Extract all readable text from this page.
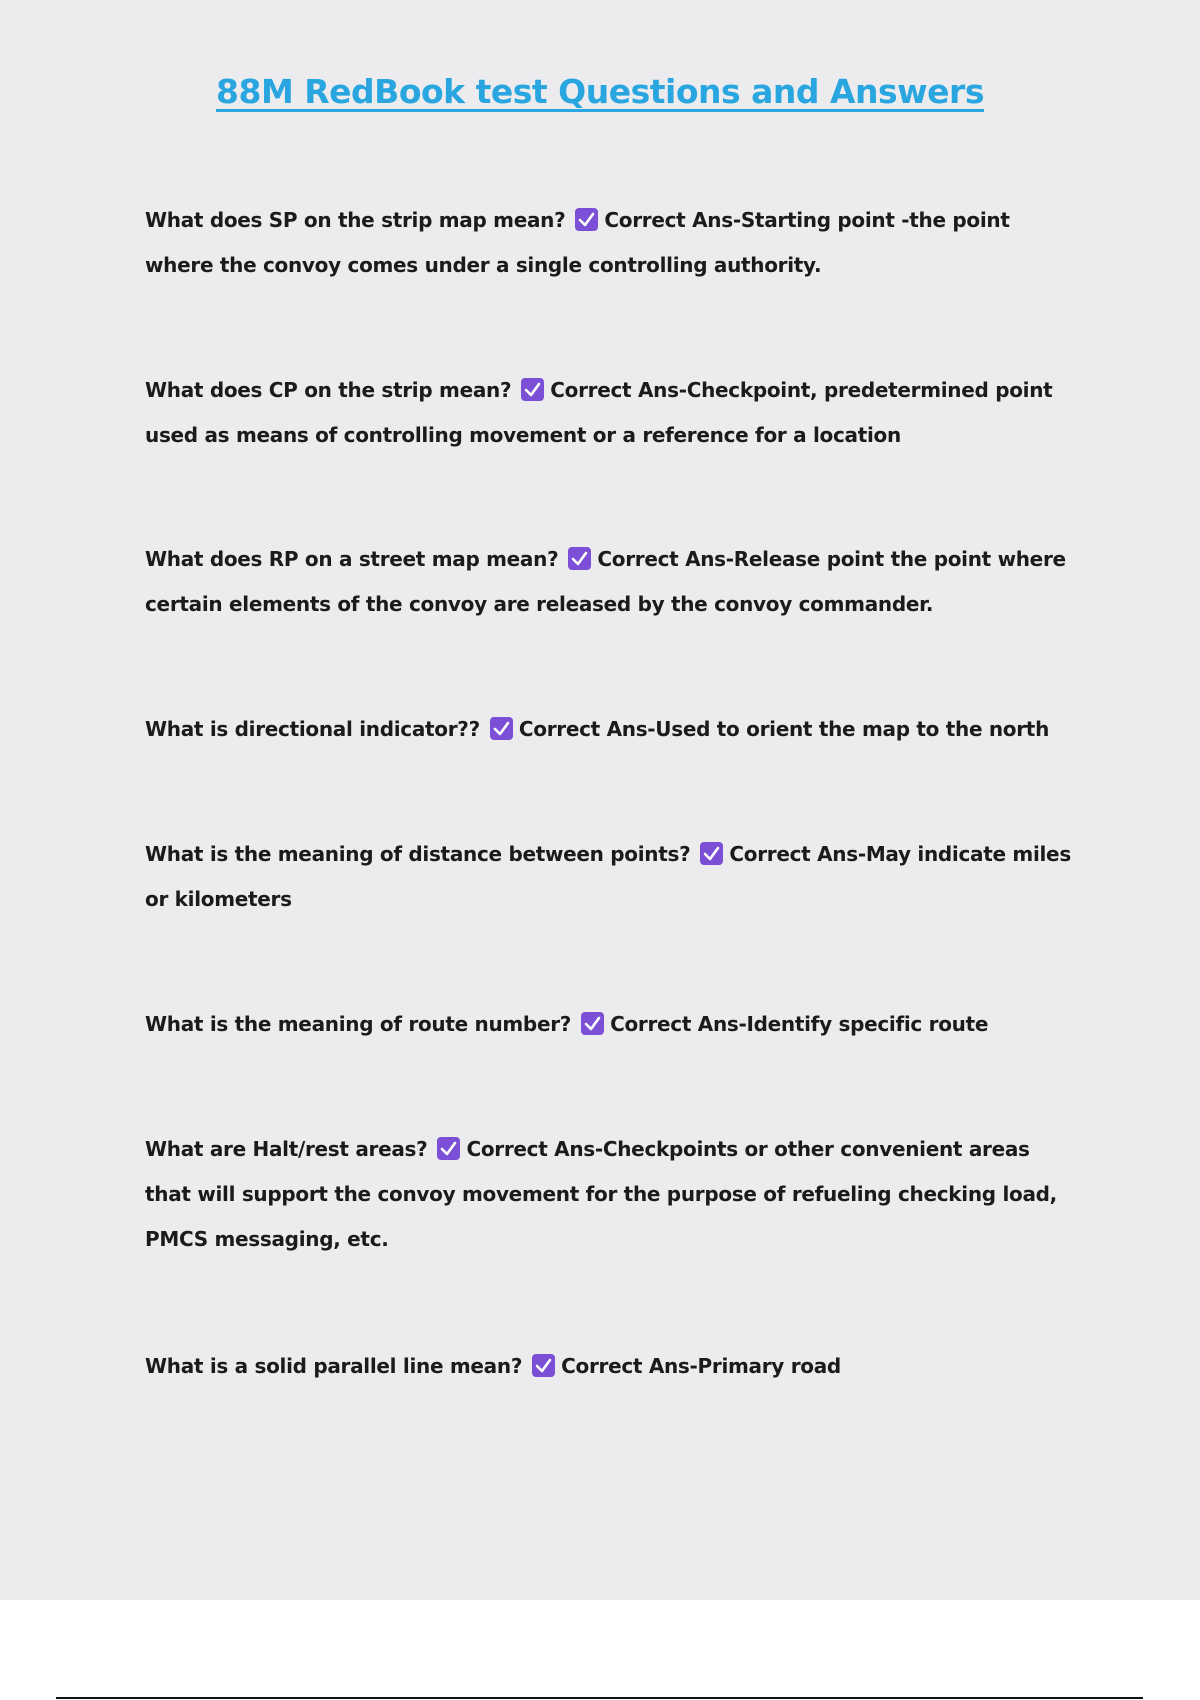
88M RedBook test Questions and Answers
What does SP on the strip map mean? Correct Ans-Starting point -the point where the convoy comes under a single controlling authority.
What does CP on the strip mean? Correct Ans-Checkpoint, predetermined point used as means of controlling movement or a reference for a location
What does RP on a street map mean? Correct Ans-Release point the point where certain elements of the convoy are released by the convoy commander.
What is directional indicator?? Correct Ans-Used to orient the map to the north
What is the meaning of distance between points? Correct Ans-May indicate miles or kilometers
What is the meaning of route number? Correct Ans-Identify specific route
What are Halt/rest areas? Correct Ans-Checkpoints or other convenient areas that will support the convoy movement for the purpose of refueling checking load, PMCS messaging, etc.
What is a solid parallel line mean? Correct Ans-Primary road
